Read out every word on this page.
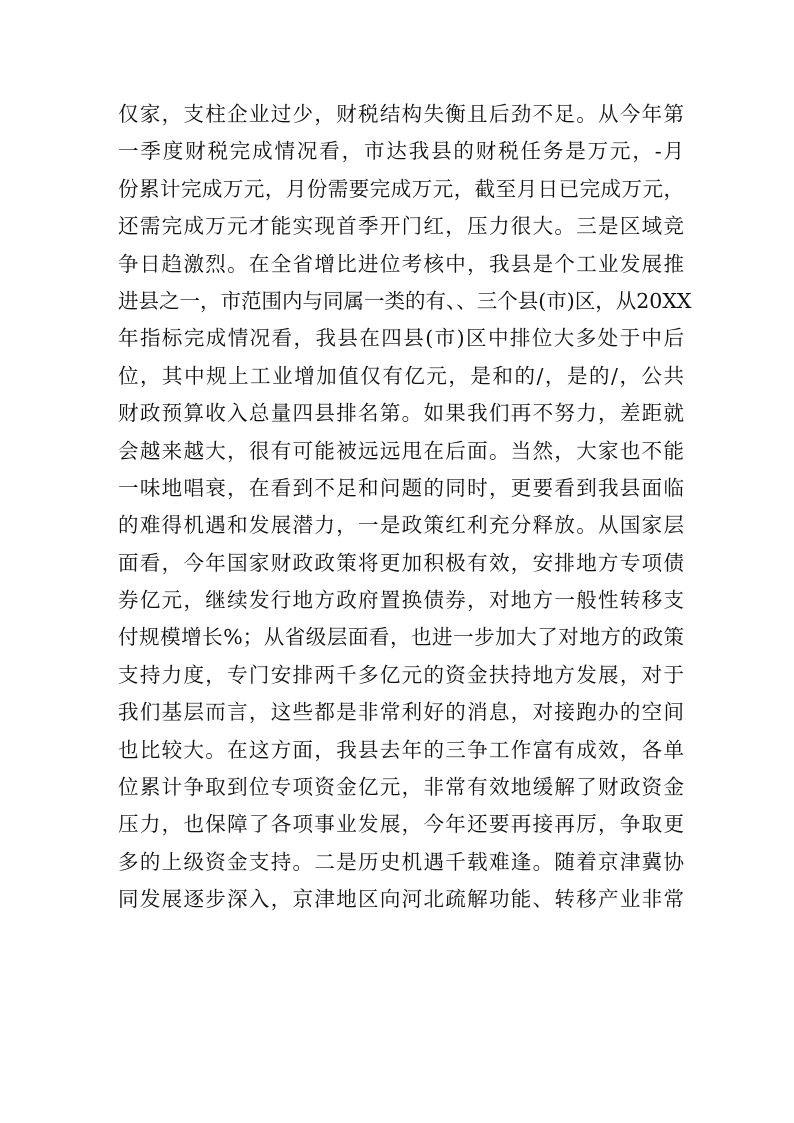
仅家，支柱企业过少，财税结构失衡且后劲不足。从今年第
一季度财税完成情况看，市达我县的财税任务是万元，-月
份累计完成万元，月份需要完成万元，截至月日已完成万元，
还需完成万元才能实现首季开门红，压力很大。三是区域竞
争日趋激烈。在全省增比进位考核中，我县是个工业发展推
进县之一，市范围内与同属一类的有、、三个县(市)区，从20XX
年指标完成情况看，我县在四县(市)区中排位大多处于中后
位，其中规上工业增加值仅有亿元，是和的/，是的/，公共
财政预算收入总量四县排名第。如果我们再不努力，差距就
会越来越大，很有可能被远远甩在后面。当然，大家也不能
一味地唱衰，在看到不足和问题的同时，更要看到我县面临
的难得机遇和发展潜力，一是政策红利充分释放。从国家层
面看，今年国家财政政策将更加积极有效，安排地方专项债
券亿元，继续发行地方政府置换债券，对地方一般性转移支
付规模增长%；从省级层面看，也进一步加大了对地方的政策
支持力度，专门安排两千多亿元的资金扶持地方发展，对于
我们基层而言，这些都是非常利好的消息，对接跑办的空间
也比较大。在这方面，我县去年的三争工作富有成效，各单
位累计争取到位专项资金亿元，非常有效地缓解了财政资金
压力，也保障了各项事业发展，今年还要再接再厉，争取更
多的上级资金支持。二是历史机遇千载难逢。随着京津冀协
同发展逐步深入，京津地区向河北疏解功能、转移产业非常
